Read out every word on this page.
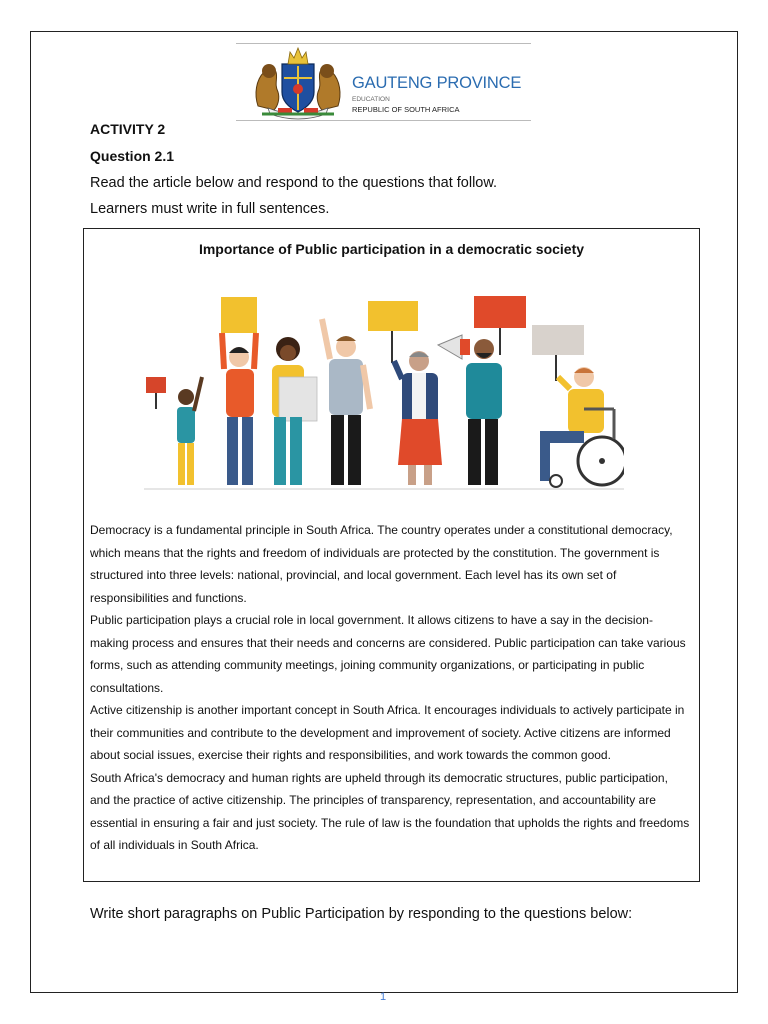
GAUTENG PROVINCE
EDUCATION
REPUBLIC OF SOUTH AFRICA
ACTIVITY 2
Question 2.1
Read the article below and respond to the questions that follow.
Learners must write in full sentences.
Importance of Public participation in a democratic society

Democracy is a fundamental principle in South Africa. The country operates under a constitutional democracy, which means that the rights and freedom of individuals are protected by the constitution. The government is structured into three levels: national, provincial, and local government. Each level has its own set of responsibilities and functions.

Public participation plays a crucial role in local government. It allows citizens to have a say in the decision-making process and ensures that their needs and concerns are considered. Public participation can take various forms, such as attending community meetings, joining community organizations, or participating in public consultations.

Active citizenship is another important concept in South Africa. It encourages individuals to actively participate in their communities and contribute to the development and improvement of society. Active citizens are informed about social issues, exercise their rights and responsibilities, and work towards the common good.

South Africa's democracy and human rights are upheld through its democratic structures, public participation, and the practice of active citizenship. The principles of transparency, representation, and accountability are essential in ensuring a fair and just society. The rule of law is the foundation that upholds the rights and freedoms of all individuals in South Africa.

Write short paragraphs on Public Participation by responding to the questions below:
1
